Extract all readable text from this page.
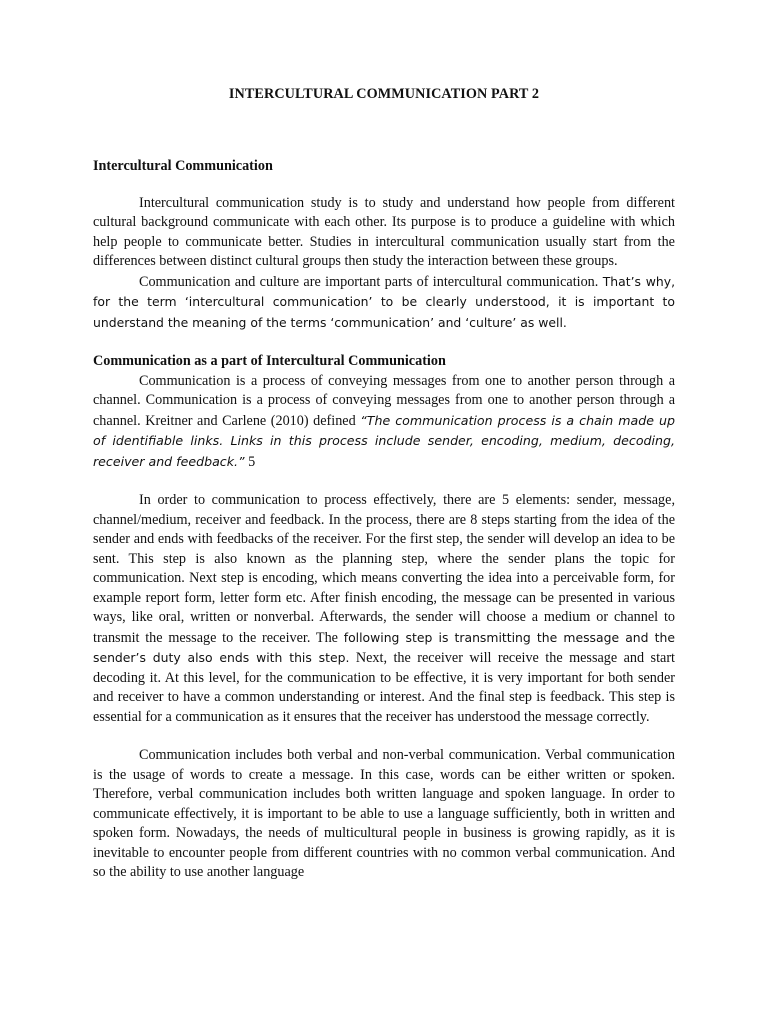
INTERCULTURAL COMMUNICATION PART 2

Intercultural Communication

Intercultural communication study is to study and understand how people from different cultural background communicate with each other. Its purpose is to produce a guideline with which help people to communicate better. Studies in intercultural communication usually start from the differences between distinct cultural groups then study the interaction between these groups.

Communication and culture are important parts of intercultural communication. That’s why, for the term ‘intercultural communication’ to be clearly understood, it is important to understand the meaning of the terms ‘communication’ and ‘culture’ as well.

Communication as a part of Intercultural Communication

Communication is a process of conveying messages from one to another person through a channel. Communication is a process of conveying messages from one to another person through a channel. Kreitner and Carlene (2010) defined “The communication process is a chain made up of identifiable links. Links in this process include sender, encoding, medium, decoding, receiver and feedback.” 5

In order to communication to process effectively, there are 5 elements: sender, message, channel/medium, receiver and feedback. In the process, there are 8 steps starting from the idea of the sender and ends with feedbacks of the receiver. For the first step, the sender will develop an idea to be sent. This step is also known as the planning step, where the sender plans the topic for communication. Next step is encoding, which means converting the idea into a perceivable form, for example report form, letter form etc. After finish encoding, the message can be presented in various ways, like oral, written or nonverbal. Afterwards, the sender will choose a medium or channel to transmit the message to the receiver. The following step is transmitting the message and the sender’s duty also ends with this step. Next, the receiver will receive the message and start decoding it. At this level, for the communication to be effective, it is very important for both sender and receiver to have a common understanding or interest. And the final step is feedback. This step is essential for a communication as it ensures that the receiver has understood the message correctly.

Communication includes both verbal and non-verbal communication. Verbal communication is the usage of words to create a message. In this case, words can be either written or spoken. Therefore, verbal communication includes both written language and spoken language. In order to communicate effectively, it is important to be able to use a language sufficiently, both in written and spoken form. Nowadays, the needs of multicultural people in business is growing rapidly, as it is inevitable to encounter people from different countries with no common verbal communication. And so the ability to use another language
